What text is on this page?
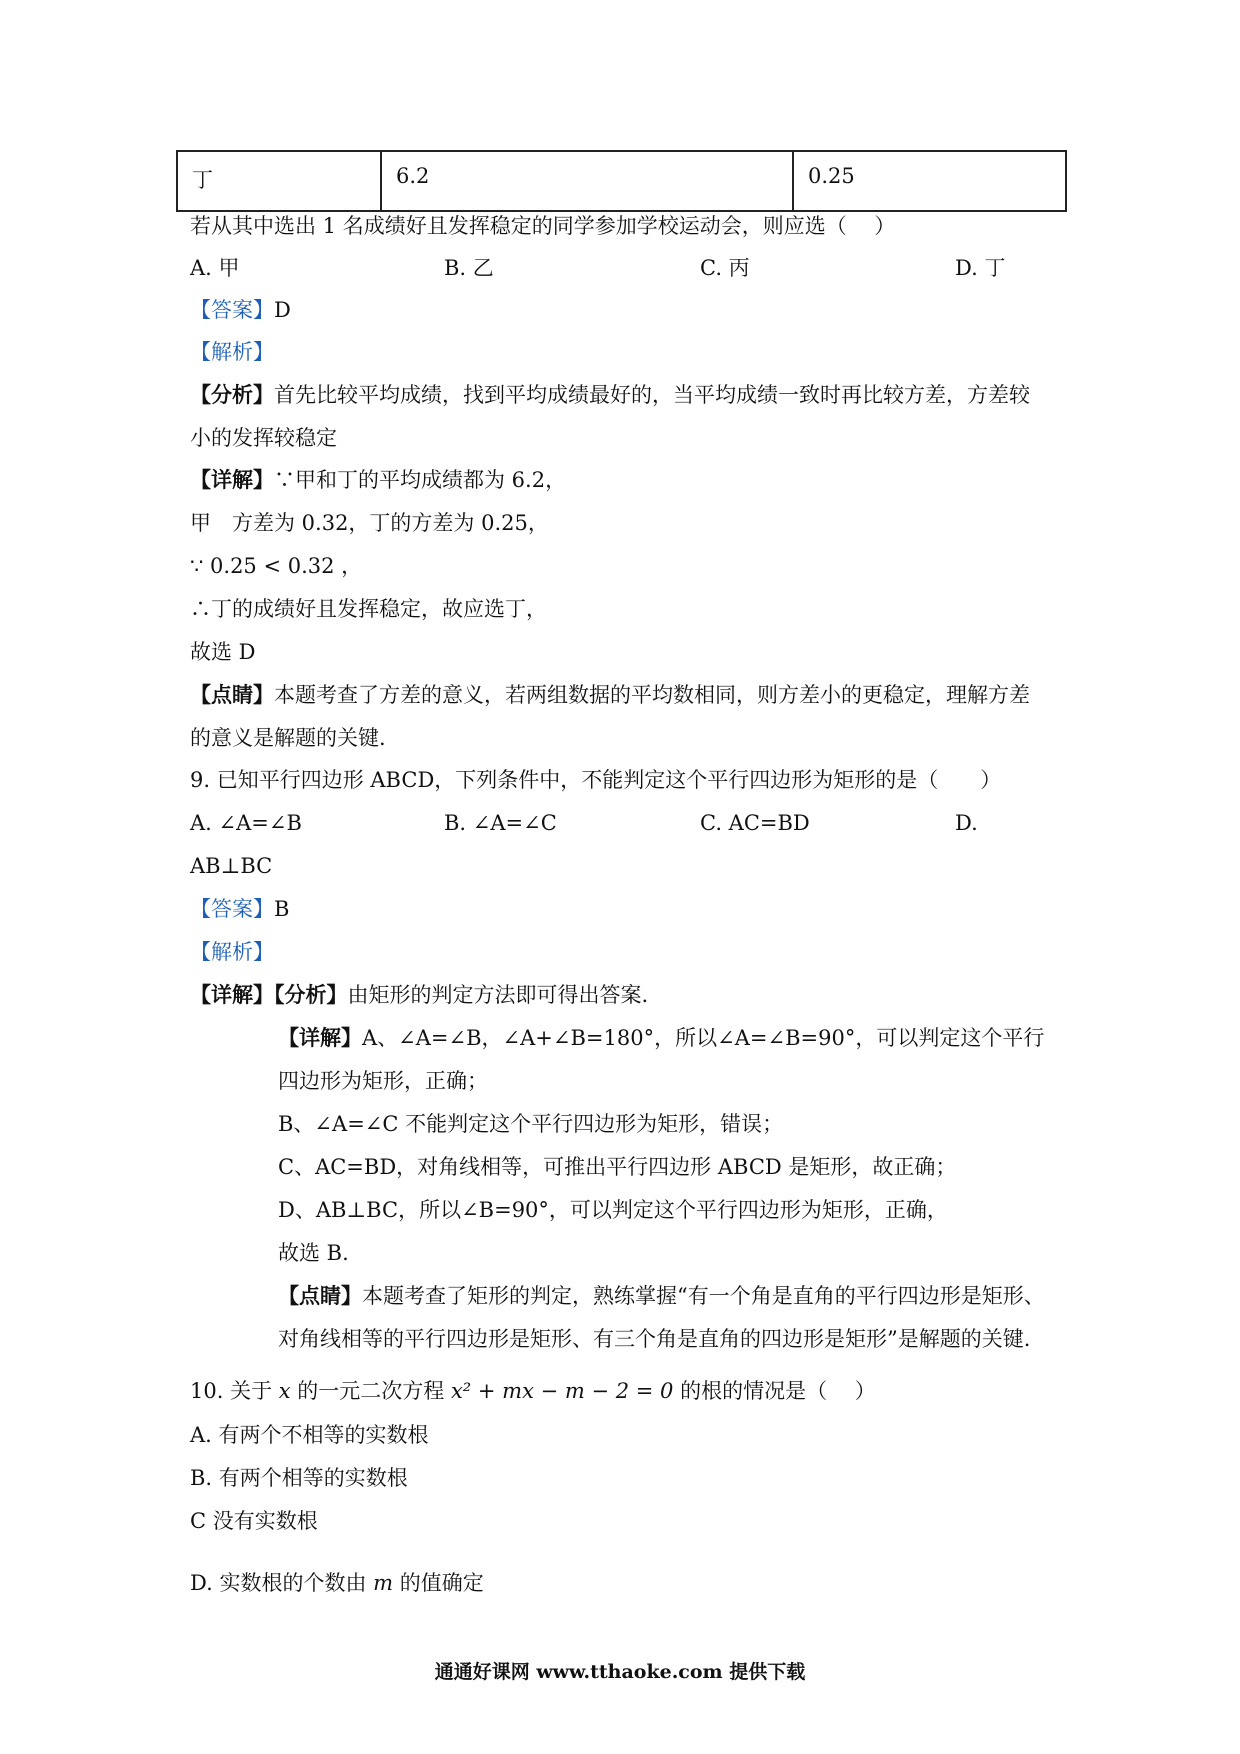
丁	6.2	0.25
若从其中选出 1 名成绩好且发挥稳定的同学参加学校运动会，则应选（　 ）
A. 甲	B. 乙	C. 丙	D. 丁
【答案】D
【解析】
【分析】首先比较平均成绩，找到平均成绩最好的，当平均成绩一致时再比较方差，方差较
小的发挥较稳定
【详解】∵甲和丁的平均成绩都为 6.2，
甲　方差为 0.32，丁的方差为 0.25，
∵ 0.25 < 0.32 ，
∴丁的成绩好且发挥稳定，故应选丁，
故选 D
【点睛】本题考查了方差的意义，若两组数据的平均数相同，则方差小的更稳定，理解方差
的意义是解题的关键.
9. 已知平行四边形 ABCD，下列条件中，不能判定这个平行四边形为矩形的是（　　）
A. ∠A=∠B	B. ∠A=∠C	C. AC=BD	D.
AB⊥BC
【答案】B
【解析】
【详解】【分析】由矩形的判定方法即可得出答案.
【详解】A、∠A=∠B，∠A+∠B=180°，所以∠A=∠B=90°，可以判定这个平行
四边形为矩形，正确；
B、∠A=∠C 不能判定这个平行四边形为矩形，错误；
C、AC=BD，对角线相等，可推出平行四边形 ABCD 是矩形，故正确；
D、AB⊥BC，所以∠B=90°，可以判定这个平行四边形为矩形，正确，
故选 B.
【点睛】本题考查了矩形的判定，熟练掌握“有一个角是直角的平行四边形是矩形、
对角线相等的平行四边形是矩形、有三个角是直角的四边形是矩形”是解题的关键.
10. 关于 x 的一元二次方程 x² + mx − m − 2 = 0 的根的情况是（　 ）
A. 有两个不相等的实数根
B. 有两个相等的实数根
C 没有实数根
D. 实数根的个数由 m 的值确定
通通好课网 www.tthaoke.com 提供下载
